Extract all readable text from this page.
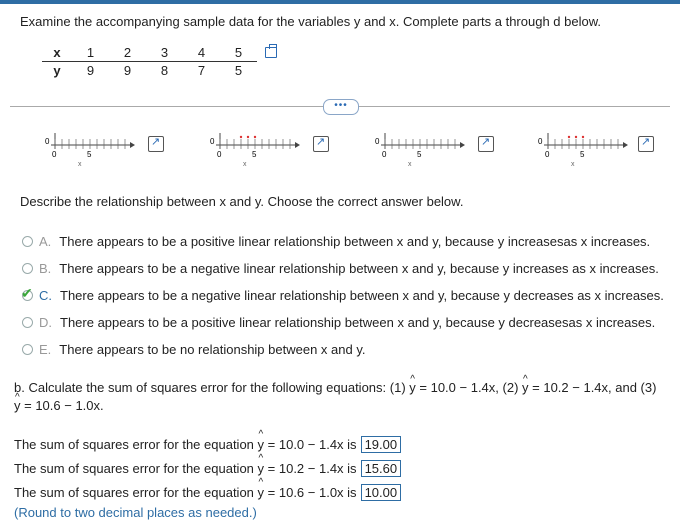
Examine the accompanying sample data for the variables y and x. Complete parts a through d below.
x	1	2	3	4	5
y	9	9	8	7	5
•••
0	5
0
x
0	5
0
x
0	5
0
x
0	5
0
x
↗
↗
↗
↗
Describe the relationship between x and y. Choose the correct answer below.
A. There appears to be a positive linear relationship between x and y, because y increasesas x increases.
B. There appears to be a negative linear relationship between x and y, because y increases as x increases.
✔
C. There appears to be a negative linear relationship between x and y, because y decreases as x increases.
D. There appears to be a positive linear relationship between x and y, because y decreasesas x increases.
E. There appears to be no relationship between x and y.
b. Calculate the sum of squares error for the following equations: (1) ^ y = 10.0 − 1.4x, (2) ^ y = 10.2 − 1.4x, and (3)
^ y = 10.6 − 1.0x.
The sum of squares error for the equation
^ y
= 10.0 − 1.4x is 19.00
The sum of squares error for the equation
^ y
= 10.2 − 1.4x is 15.60
The sum of squares error for the equation
^ y
= 10.6 − 1.0x is 10.00
(Round to two decimal places as needed.)
